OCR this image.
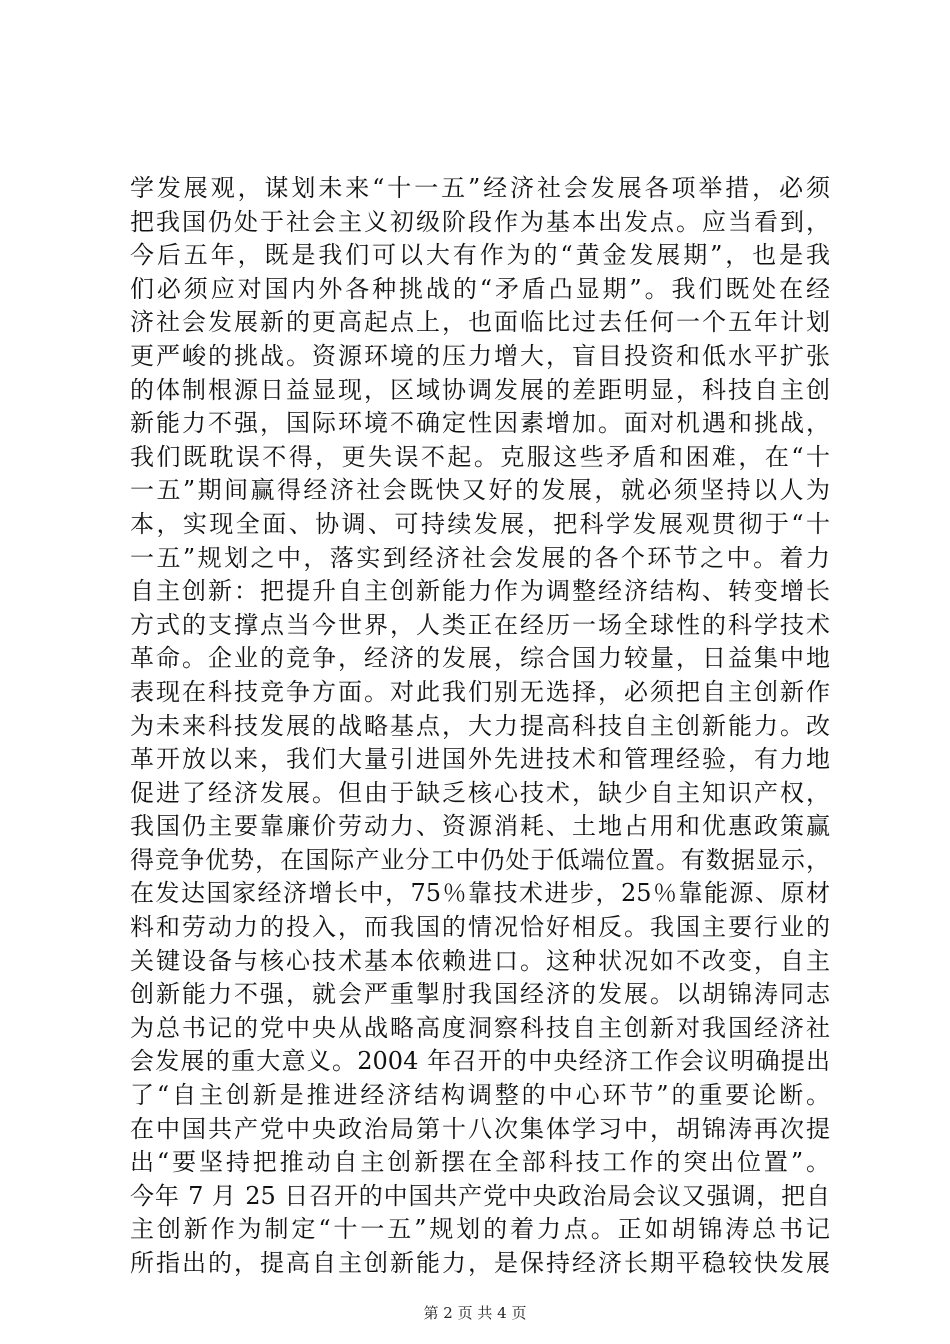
学发展观，谋划未来“十一五”经济社会发展各项举措，必须
把我国仍处于社会主义初级阶段作为基本出发点。应当看到，
今后五年，既是我们可以大有作为的“黄金发展期”，也是我
们必须应对国内外各种挑战的“矛盾凸显期”。我们既处在经
济社会发展新的更高起点上，也面临比过去任何一个五年计划
更严峻的挑战。资源环境的压力增大，盲目投资和低水平扩张
的体制根源日益显现，区域协调发展的差距明显，科技自主创
新能力不强，国际环境不确定性因素增加。面对机遇和挑战，
我们既耽误不得，更失误不起。克服这些矛盾和困难，在“十
一五”期间赢得经济社会既快又好的发展，就必须坚持以人为
本，实现全面、协调、可持续发展，把科学发展观贯彻于“十
一五”规划之中，落实到经济社会发展的各个环节之中。着力
自主创新：把提升自主创新能力作为调整经济结构、转变增长
方式的支撑点当今世界，人类正在经历一场全球性的科学技术
革命。企业的竞争，经济的发展，综合国力较量，日益集中地
表现在科技竞争方面。对此我们别无选择，必须把自主创新作
为未来科技发展的战略基点，大力提高科技自主创新能力。改
革开放以来，我们大量引进国外先进技术和管理经验，有力地
促进了经济发展。但由于缺乏核心技术，缺少自主知识产权，
我国仍主要靠廉价劳动力、资源消耗、土地占用和优惠政策赢
得竞争优势，在国际产业分工中仍处于低端位置。有数据显示，
在发达国家经济增长中，75％靠技术进步，25％靠能源、原材
料和劳动力的投入，而我国的情况恰好相反。我国主要行业的
关键设备与核心技术基本依赖进口。这种状况如不改变，自主
创新能力不强，就会严重掣肘我国经济的发展。以胡锦涛同志
为总书记的党中央从战略高度洞察科技自主创新对我国经济社
会发展的重大意义。2004 年召开的中央经济工作会议明确提出
了“自主创新是推进经济结构调整的中心环节”的重要论断。
在中国共产党中央政治局第十八次集体学习中，胡锦涛再次提
出“要坚持把推动自主创新摆在全部科技工作的突出位置”。
今年 7 月 25 日召开的中国共产党中央政治局会议又强调，把自
主创新作为制定“十一五”规划的着力点。正如胡锦涛总书记
所指出的，提高自主创新能力，是保持经济长期平稳较快发展
第 2 页 共 4 页
